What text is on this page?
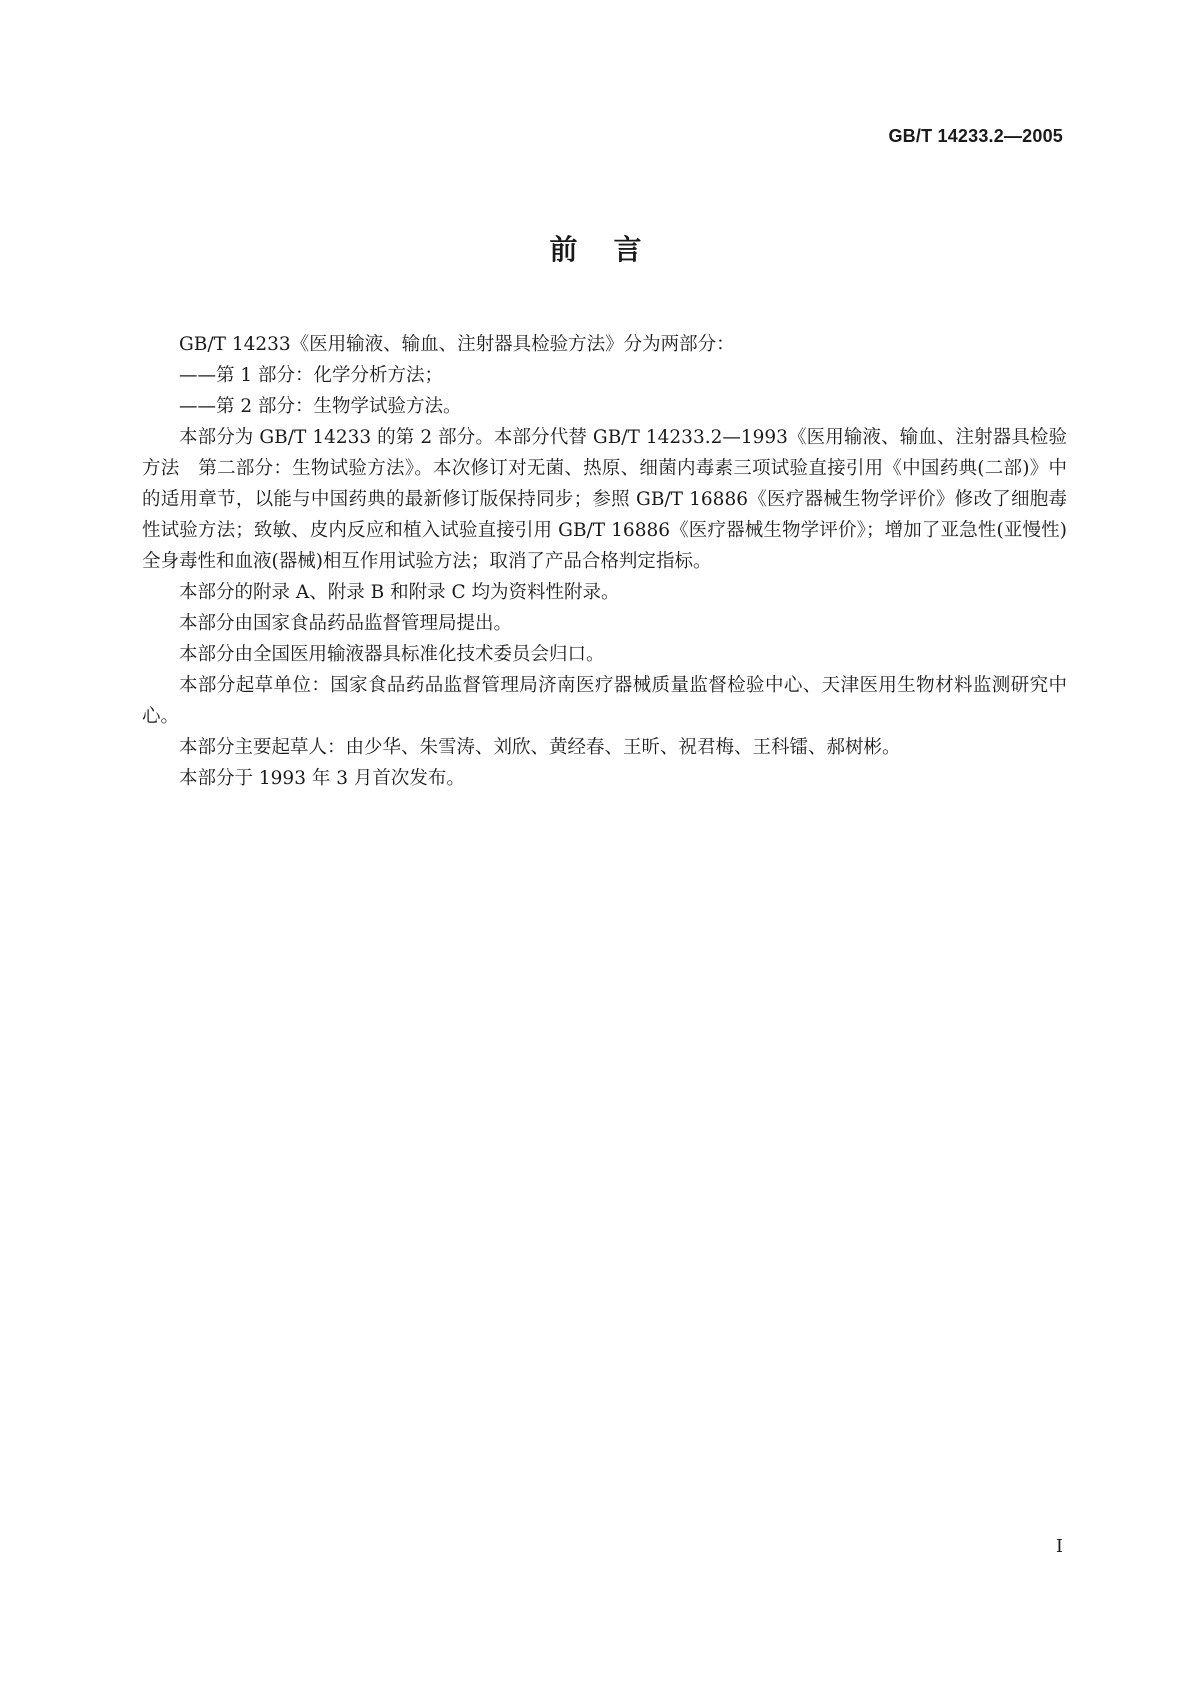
GB/T 14233.2—2005
前言

GB/T 14233《医用输液、输血、注射器具检验方法》分为两部分：

——第 1 部分：化学分析方法；

——第 2 部分：生物学试验方法。

本部分为 GB/T 14233 的第 2 部分。本部分代替 GB/T 14233.2—1993《医用输液、输血、注射器具检验方法　第二部分：生物试验方法》。本次修订对无菌、热原、细菌内毒素三项试验直接引用《中国药典(二部)》中的适用章节，以能与中国药典的最新修订版保持同步；参照 GB/T 16886《医疗器械生物学评价》修改了细胞毒性试验方法；致敏、皮内反应和植入试验直接引用 GB/T 16886《医疗器械生物学评价》；增加了亚急性(亚慢性)全身毒性和血液(器械)相互作用试验方法；取消了产品合格判定指标。

本部分的附录 A、附录 B 和附录 C 均为资料性附录。

本部分由国家食品药品监督管理局提出。

本部分由全国医用输液器具标准化技术委员会归口。

本部分起草单位：国家食品药品监督管理局济南医疗器械质量监督检验中心、天津医用生物材料监测研究中心。

本部分主要起草人：由少华、朱雪涛、刘欣、黄经春、王昕、祝君梅、王科镭、郝树彬。

本部分于 1993 年 3 月首次发布。

I
